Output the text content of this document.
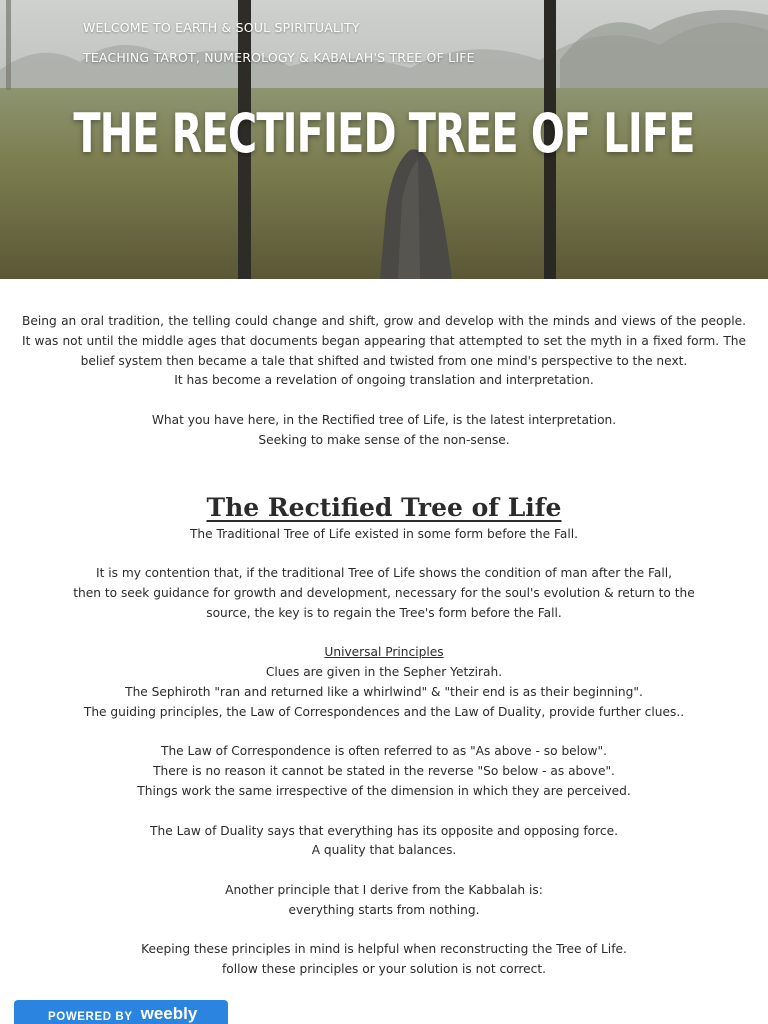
WELCOME TO EARTH & SOUL SPIRITUALITY
TEACHING TAROT, NUMEROLOGY & KABALAH'S TREE OF LIFE
THE RECTIFIED TREE OF LIFE

Being an oral tradition, the telling could change and shift, grow and develop with the minds and views of the people. It was not until the middle ages that documents began appearing that attempted to set the myth in a fixed form. The belief system then became a tale that shifted and twisted from one mind's perspective to the next.

It has become a revelation of ongoing translation and interpretation.
What you have here, in the Rectified tree of Life, is the latest interpretation.
Seeking to make sense of the non-sense.
The Rectified Tree of Life
The Traditional Tree of Life existed in some form before the Fall.
It is my contention that, if the traditional Tree of Life shows the condition of man after the Fall,
then to seek guidance for growth and development, necessary for the soul's evolution & return to the
source, the key is to regain the Tree's form before the Fall.
Universal Principles
Clues are given in the Sepher Yetzirah.
The Sephiroth "ran and returned like a whirlwind" & "their end is as their beginning".
The guiding principles, the Law of Correspondences and the Law of Duality, provide further clues..
The Law of Correspondence is often referred to as "As above - so below".
There is no reason it cannot be stated in the reverse "So below - as above".
Things work the same irrespective of the dimension in which they are perceived.
The Law of Duality says that everything has its opposite and opposing force.
A quality that balances.
Another principle that I derive from the Kabbalah is:
everything starts from nothing.
Keeping these principles in mind is helpful when reconstructing the Tree of Life.
follow these principles or your solution is not correct.
POWERED BY weebly
